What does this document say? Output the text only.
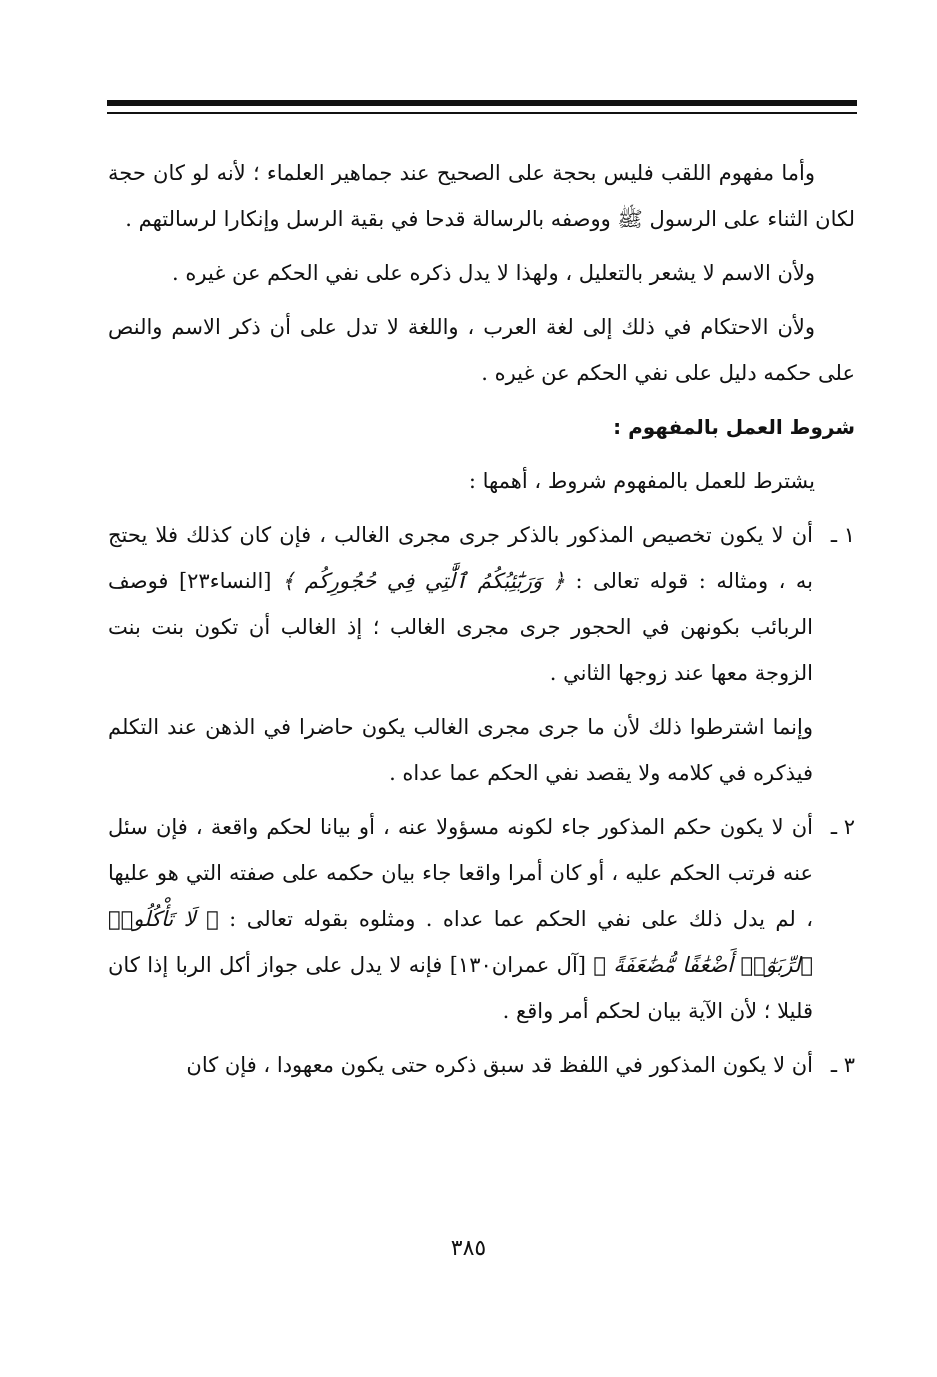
وأما مفهوم اللقب فليس بحجة على الصحيح عند جماهير العلماء ؛ لأنه لو كان حجة لكان الثناء على الرسول ﷺ ووصفه بالرسالة قدحا في بقية الرسل وإنكارا لرسالتهم .

ولأن الاسم لا يشعر بالتعليل ، ولهذا لا يدل ذكره على نفي الحكم عن غيره .

ولأن الاحتكام في ذلك إلى لغة العرب ، واللغة لا تدل على أن ذكر الاسم والنص على حكمه دليل على نفي الحكم عن غيره .

شروط العمل بالمفهوم :

يشترط للعمل بالمفهوم شروط ، أهمها :

١ ـأن لا يكون تخصيص المذكور بالذكر جرى مجرى الغالب ، فإن كان كذلك فلا يحتج به ، ومثاله : قوله تعالى : ﴿ وَرَبَٰٓئِبُكُمُ ٱلَّٰتِي فِي حُجُورِكُم ﴾ [النساء٢٣] فوصف الربائب بكونهن في الحجور جرى مجرى الغالب ؛ إذ الغالب أن تكون بنت بنت الزوجة معها عند زوجها الثاني .

وإنما اشترطوا ذلك لأن ما جرى مجرى الغالب يكون حاضرا في الذهن عند التكلم فيذكره في كلامه ولا يقصد نفي الحكم عما عداه .

٢ ـأن لا يكون حكم المذكور جاء لكونه مسؤولا عنه ، أو بيانا لحكم واقعة ، فإن سئل عنه فرتب الحكم عليه ، أو كان أمرا واقعا جاء بيان حكمه على صفته التي هو عليها ، لم يدل ذلك على نفي الحكم عما عداه . ومثلوه بقوله تعالى : ﴿ لَا تَأْكُلُوا۟ ٱلرِّبَوٰٓا۟ أَضْعَٰفًا مُّضَٰعَفَةً ﴾ [آل عمران١٣٠] فإنه لا يدل على جواز أكل الربا إذا كان قليلا ؛ لأن الآية بيان لحكم أمر واقع .

٣ ـأن لا يكون المذكور في اللفظ قد سبق ذكره حتى يكون معهودا ، فإن كان

٣٨٥
